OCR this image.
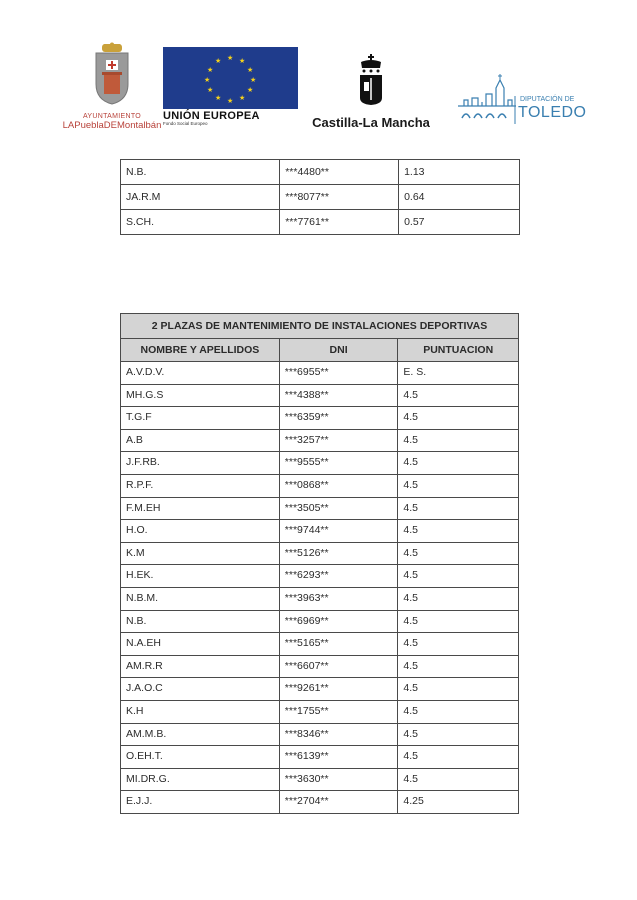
AYUNTAMIENTO
LAPueblaDEMontalbán
★ ★
★
★
★
★
★
★
★
★
★
★
UNIÓN EUROPEA
Fondo Social Europeo	Castilla-La Mancha
DIPUTACIÓN DE
TOLEDO
N.B.	***4480**	1.13
JA.R.M	***8077**	0.64
S.CH.	***7761**	0.57
2 PLAZAS DE MANTENIMIENTO DE INSTALACIONES DEPORTIVAS		
NOMBRE Y APELLIDOS	DNI	PUNTUACION
A.V.D.V.	***6955**	E. S.
MH.G.S	***4388**	4.5
T.G.F	***6359**	4.5
A.B	***3257**	4.5
J.F.RB.	***9555**	4.5
R.P.F.	***0868**	4.5
F.M.EH	***3505**	4.5
H.O.	***9744**	4.5
K.M	***5126**	4.5
H.EK.	***6293**	4.5
N.B.M.	***3963**	4.5
N.B.	***6969**	4.5
N.A.EH	***5165**	4.5
AM.R.R	***6607**	4.5
J.A.O.C	***9261**	4.5
K.H	***1755**	4.5
AM.M.B.	***8346**	4.5
O.EH.T.	***6139**	4.5
MI.DR.G.	***3630**	4.5
E.J.J.	***2704**	4.25
